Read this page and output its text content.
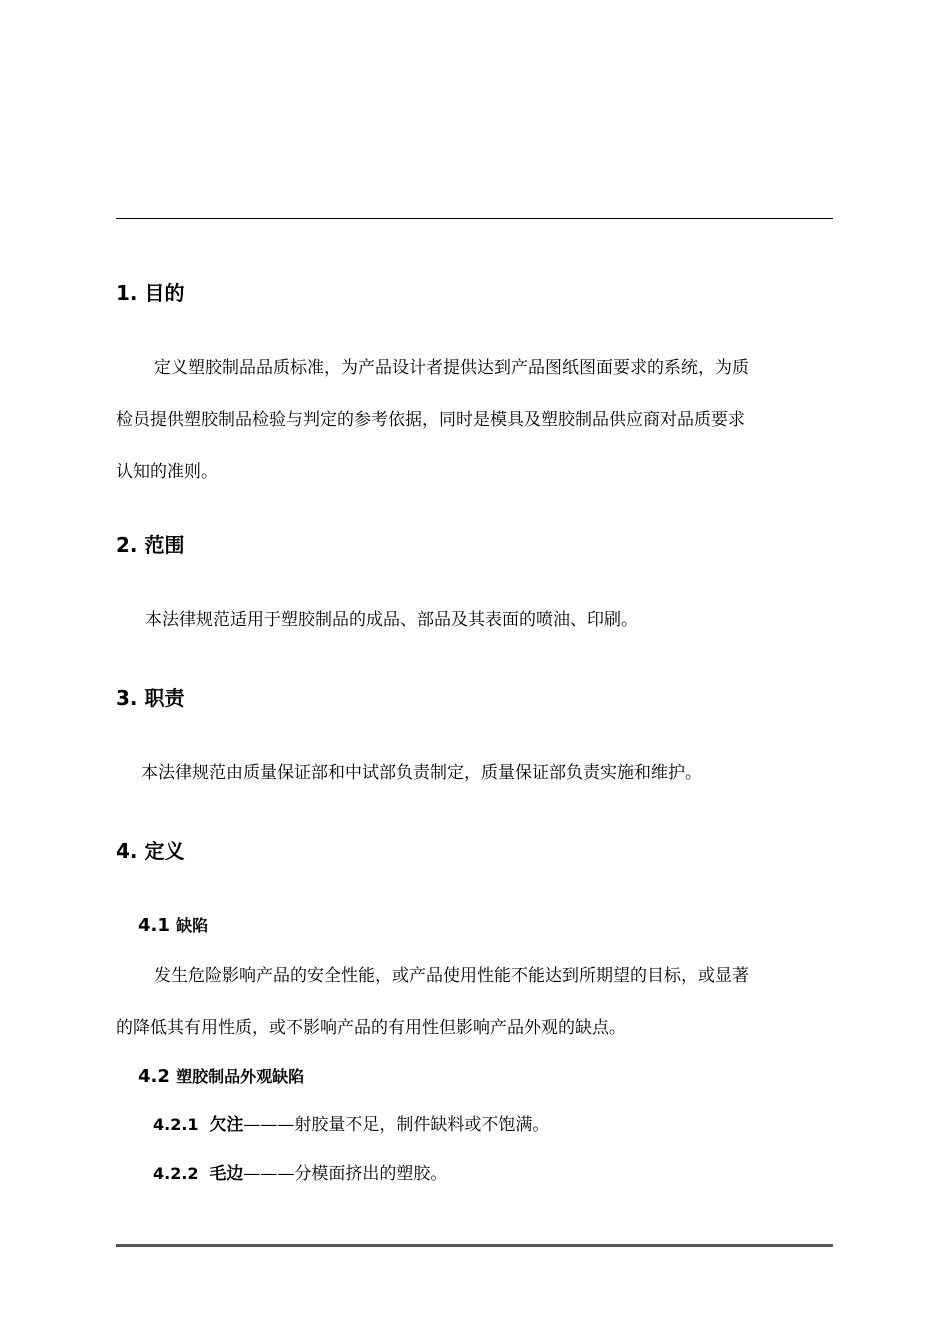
1. 目的
定义塑胶制品品质标准，为产品设计者提供达到产品图纸图面要求的系统，为质
检员提供塑胶制品检验与判定的参考依据，同时是模具及塑胶制品供应商对品质要求
认知的准则。
2. 范围
本法律规范适用于塑胶制品的成品、部品及其表面的喷油、印刷。
3. 职责
本法律规范由质量保证部和中试部负责制定，质量保证部负责实施和维护。
4. 定义
4.1 缺陷
发生危险影响产品的安全性能，或产品使用性能不能达到所期望的目标，或显著
的降低其有用性质，或不影响产品的有用性但影响产品外观的缺点。
4.2 塑胶制品外观缺陷
4.2.1 欠注———射胶量不足，制件缺料或不饱满。
4.2.2 毛边———分模面挤出的塑胶。
